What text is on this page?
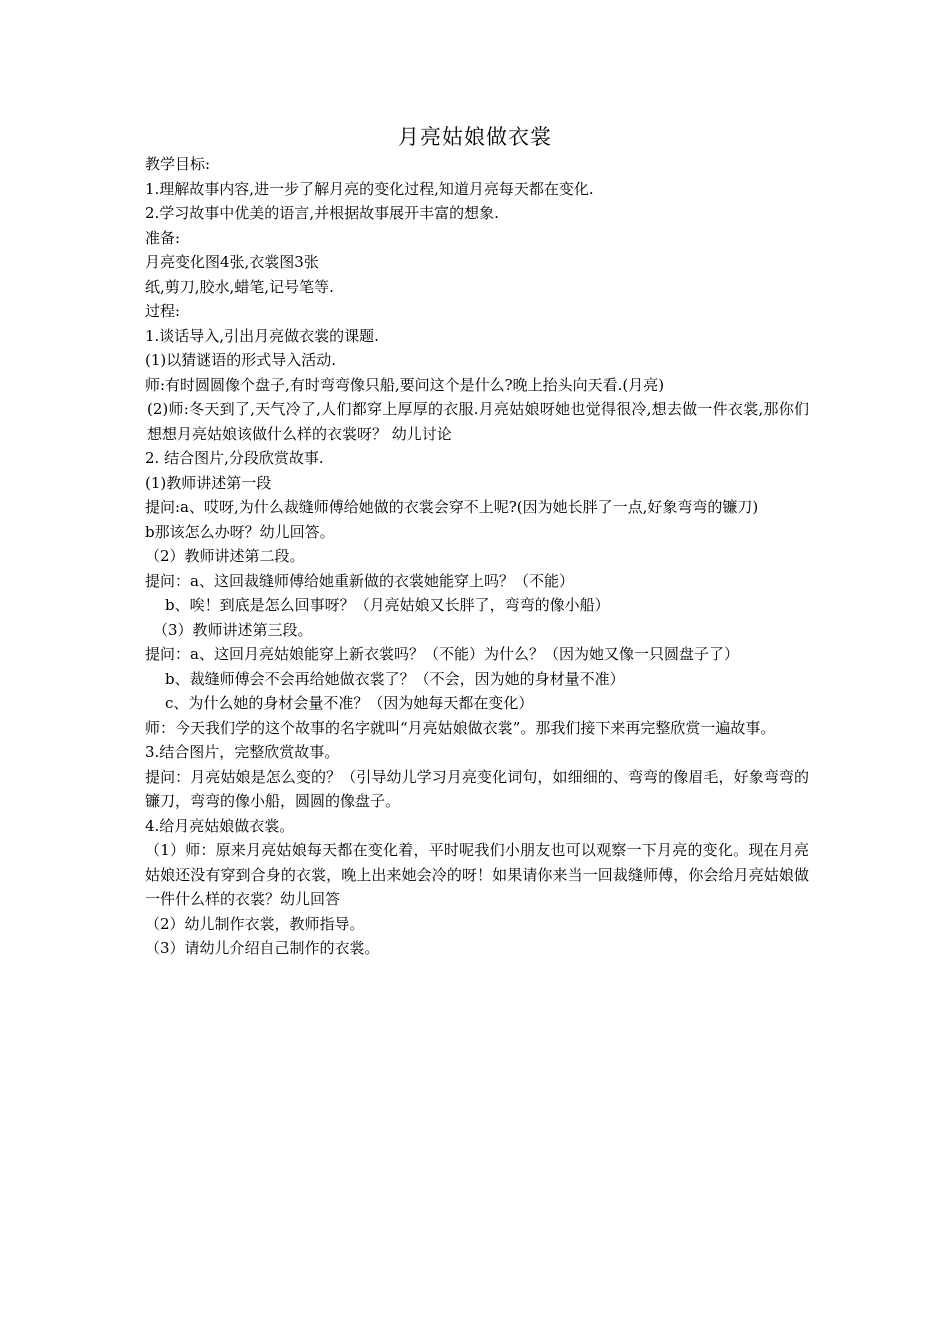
月亮姑娘做衣裳
教学目标:
1.理解故事内容,进一步了解月亮的变化过程,知道月亮每天都在变化.
2.学习故事中优美的语言,并根据故事展开丰富的想象.
准备:
月亮变化图4张,衣裳图3张
纸,剪刀,胶水,蜡笔,记号笔等.
过程:
1.谈话导入,引出月亮做衣裳的课题.
(1)以猜谜语的形式导入活动.
师:有时圆圆像个盘子,有时弯弯像只船,要问这个是什么?晚上抬头向天看.(月亮)
(2)师:冬天到了,天气冷了,人们都穿上厚厚的衣服.月亮姑娘呀她也觉得很冷,想去做一件衣裳,那你们想想月亮姑娘该做什么样的衣裳呀？ 幼儿讨论
2. 结合图片,分段欣赏故事.
(1)教师讲述第一段
提问:a、哎呀,为什么裁缝师傅给她做的衣裳会穿不上呢?(因为她长胖了一点,好象弯弯的镰刀)
b那该怎么办呀？幼儿回答。
（2）教师讲述第二段。
提问：a、这回裁缝师傅给她重新做的衣裳她能穿上吗？（不能）
b、唉！到底是怎么回事呀？（月亮姑娘又长胖了，弯弯的像小船）
（3）教师讲述第三段。
提问：a、这回月亮姑娘能穿上新衣裳吗？（不能）为什么？（因为她又像一只圆盘子了）
b、裁缝师傅会不会再给她做衣裳了？（不会，因为她的身材量不准）
c、为什么她的身材会量不准？（因为她每天都在变化）
师：今天我们学的这个故事的名字就叫“月亮姑娘做衣裳”。那我们接下来再完整欣赏一遍故事。
3.结合图片，完整欣赏故事。
提问：月亮姑娘是怎么变的？（引导幼儿学习月亮变化词句，如细细的、弯弯的像眉毛，好象弯弯的镰刀，弯弯的像小船，圆圆的像盘子。
4.给月亮姑娘做衣裳。
（1）师：原来月亮姑娘每天都在变化着，平时呢我们小朋友也可以观察一下月亮的变化。现在月亮姑娘还没有穿到合身的衣裳，晚上出来她会冷的呀！如果请你来当一回裁缝师傅，你会给月亮姑娘做一件什么样的衣裳？幼儿回答
（2）幼儿制作衣裳，教师指导。
（3）请幼儿介绍自己制作的衣裳。
